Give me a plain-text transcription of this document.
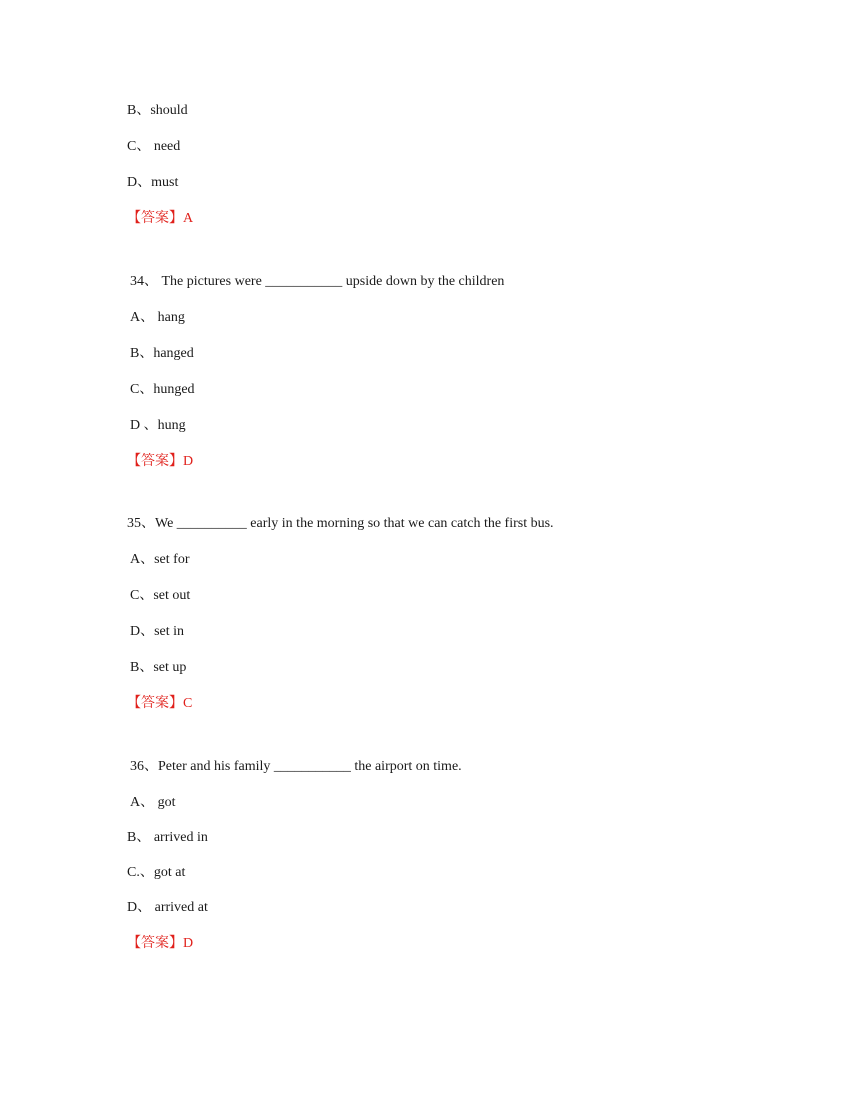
B、should
C、 need
D、must
【答案】A
34、 The pictures were ___________ upside down by the children
A、 hang
B、hanged
C、hunged
D 、hung
【答案】D
35、We __________ early in the morning so that we can catch the first bus.
A、set for
C、set out
D、set in
B、set up
【答案】C
36、Peter and his family ___________ the airport on time.
A、 got
B、 arrived in
C.、got at
D、 arrived at
【答案】D
